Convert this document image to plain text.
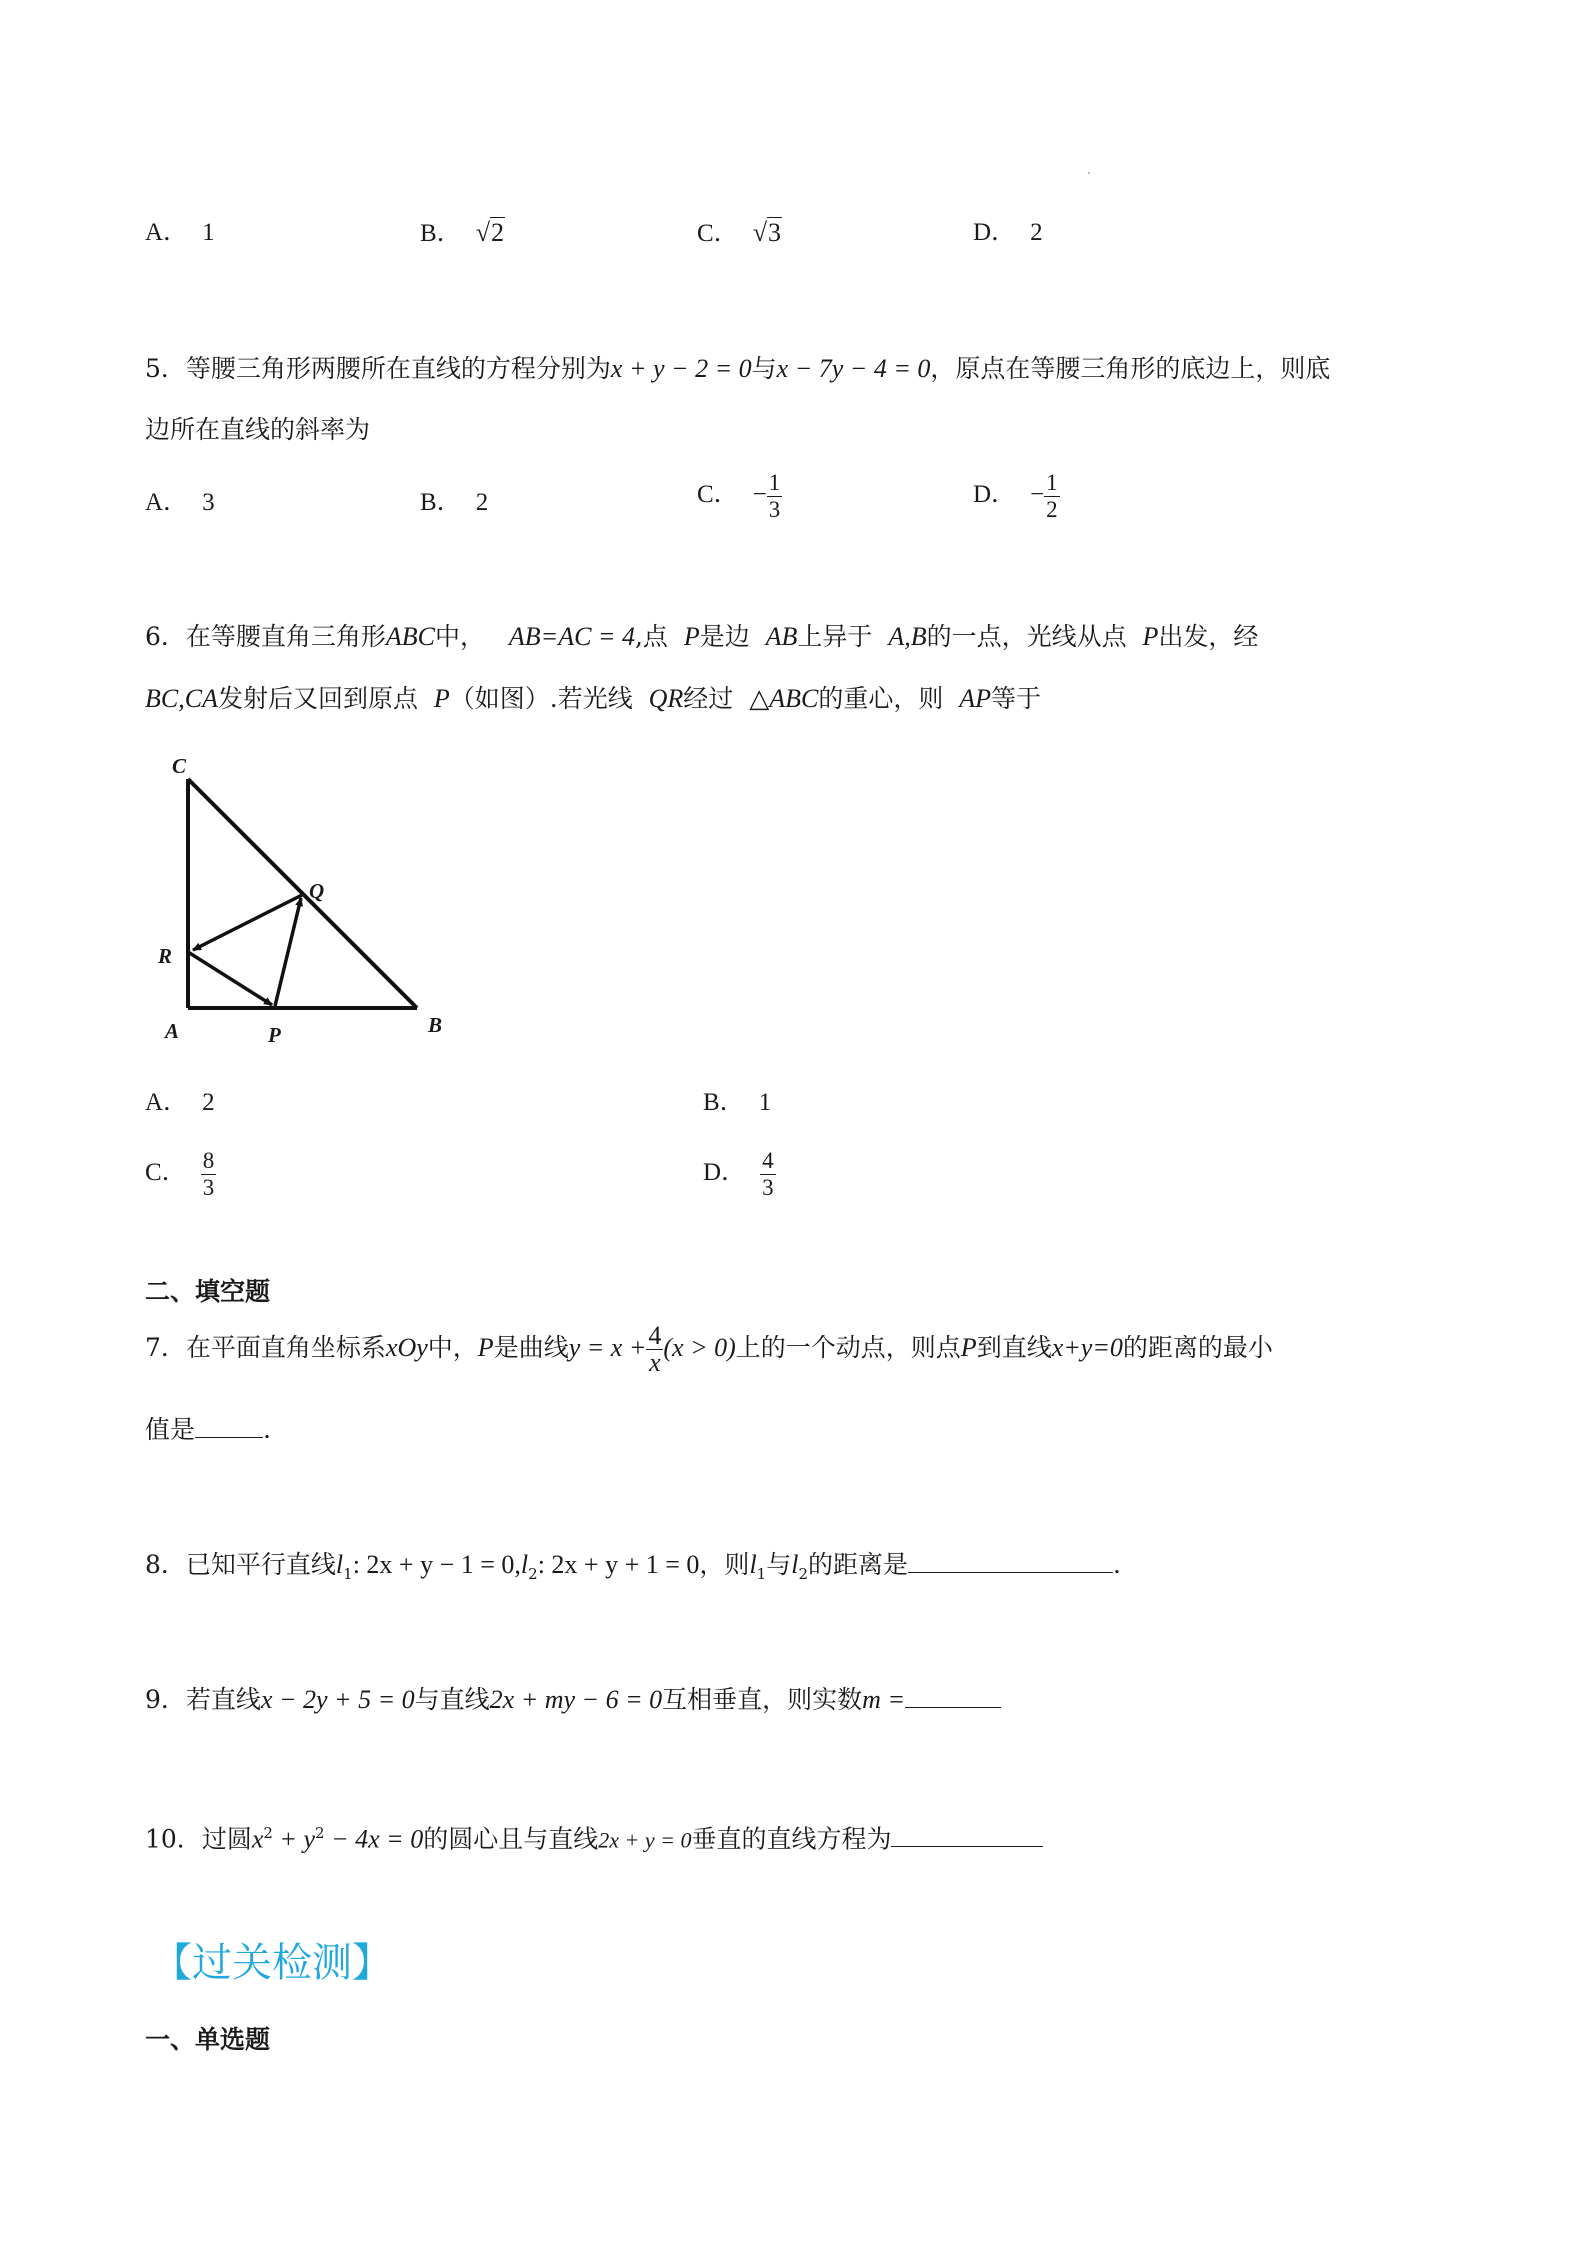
A． 1	B． √2	C． √3	D． 2
5．等腰三角形两腰所在直线的方程分别为x + y − 2 = 0与x − 7y − 4 = 0，原点在等腰三角形的底边上，则底
边所在直线的斜率为
A． 3	B． 2	C． − $\frac{1}{3}$	D． − $\frac{1}{2}$
6．在等腰直角三角形ABC中， AB=AC = 4,点 P是边 AB上异于 A,B的一点，光线从点 P出发，经
BC,CA发射后又回到原点 P（如图）.若光线 QR经过 △ABC的重心，则 AP等于
C
Q
R
A	P	B
A． 2	B． 1
C． $\frac{8}{3}$	D． $\frac{4}{3}$
二、填空题
7．在平面直角坐标系xOy中，P是曲线$y = x + \frac{4}{x} (x > 0)$上的一个动点，则点P到直线x+y=0的距离的最小
值是	.
8．已知平行直线$l_1$: $2x + y - 1 = 0,l_2$: 2x + y + 1 = 0，则$l_1$与$l_2$的距离是	.
9．若直线x − 2y + 5 = 0与直线2x + my − 6 = 0互相垂直，则实数m =
10．过圆$x^2 + y^2 - 4x = 0$的圆心且与直线2x + y = 0垂直的直线方程为
【过关检测】
一、单选题
